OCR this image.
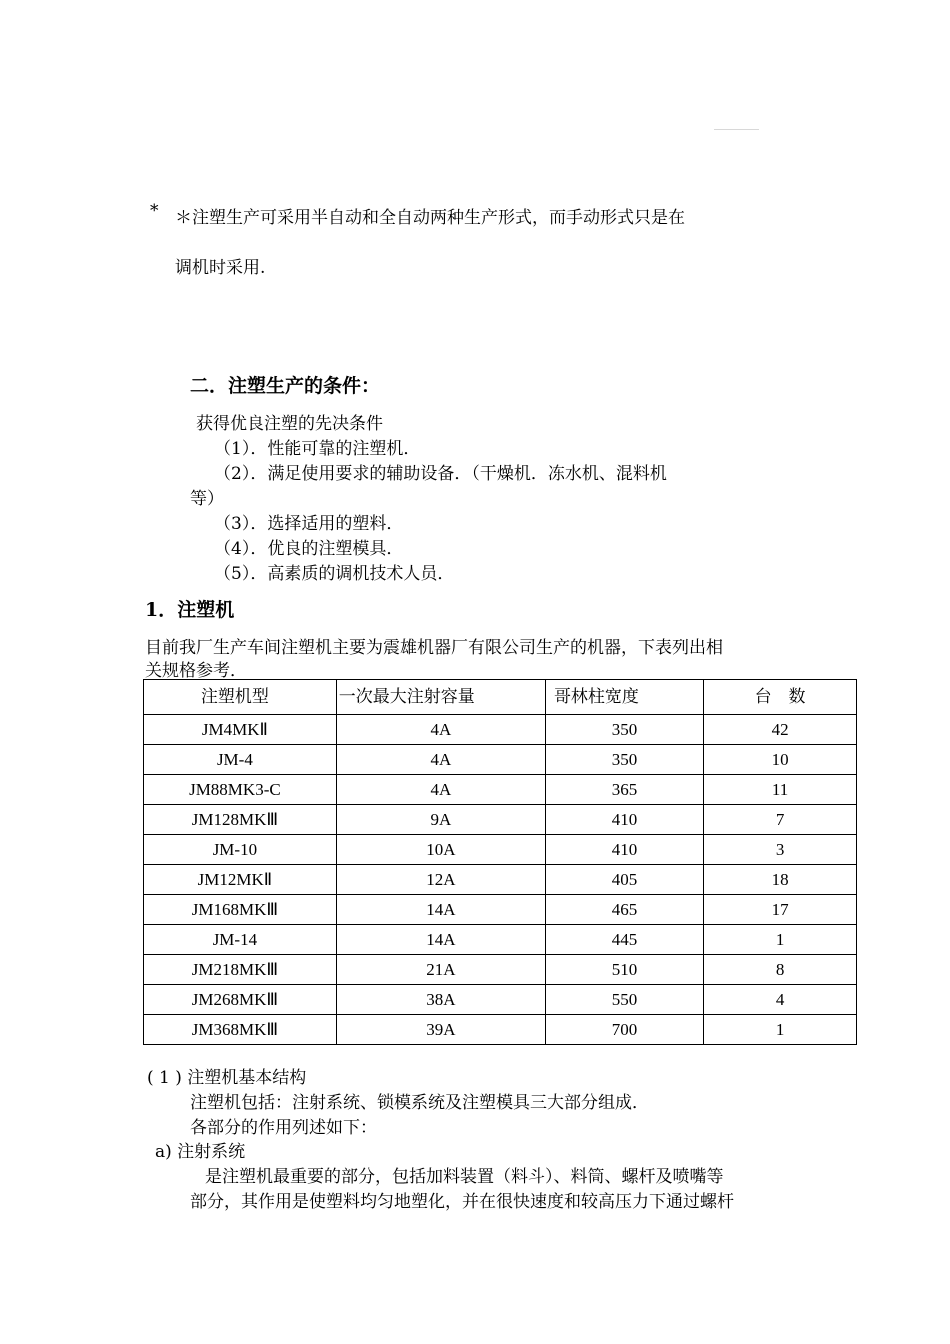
* ＊注塑生产可采用半自动和全自动两种生产形式，而手动形式只是在
调机时采用.
二．注塑生产的条件：
获得优良注塑的先决条件
（1）．性能可靠的注塑机．
（2）．满足使用要求的辅助设备．（干燥机．冻水机、混料机
等）
（3）．选择适用的塑料．
（4）．优良的注塑模具．
（5）．高素质的调机技术人员．
1．注塑机
目前我厂生产车间注塑机主要为震雄机器厂有限公司生产的机器，下表列出相
关规格参考．
注塑机型	一次最大注射容量	哥林柱宽度	台　数
JM4MKⅡ	4A	350	42
JM-4	4A	350	10
JM88MK3-C	4A	365	11
JM128MKⅢ	9A	410	7
JM-10	10A	410	3
JM12MKⅡ	12A	405	18
JM168MKⅢ	14A	465	17
JM-14	14A	445	1
JM218MKⅢ	21A	510	8
JM268MKⅢ	38A	550	4
JM368MKⅢ	39A	700	1
( 1 ) 注塑机基本结构
注塑机包括：注射系统、锁模系统及注塑模具三大部分组成．
各部分的作用列述如下：
a) 注射系统
是注塑机最重要的部分，包括加料装置（料斗）、料筒、螺杆及喷嘴等
部分，其作用是使塑料均匀地塑化，并在很快速度和较高压力下通过螺杆
